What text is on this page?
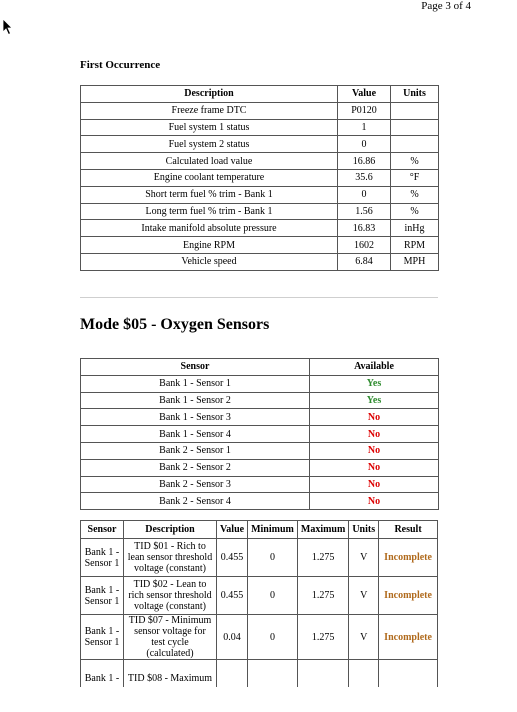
Page 3 of 4
First Occurrence
Description	Value	Units
Freeze frame DTC	P0120	
Fuel system 1 status	1	
Fuel system 2 status	0	
Calculated load value	16.86	%
Engine coolant temperature	35.6	°F
Short term fuel % trim - Bank 1	0	%
Long term fuel % trim - Bank 1	1.56	%
Intake manifold absolute pressure	16.83	inHg
Engine RPM	1602	RPM
Vehicle speed	6.84	MPH
Mode $05 - Oxygen Sensors
Sensor	Available
Bank 1 - Sensor 1	Yes
Bank 1 - Sensor 2	Yes
Bank 1 - Sensor 3	No
Bank 1 - Sensor 4	No
Bank 2 - Sensor 1	No
Bank 2 - Sensor 2	No
Bank 2 - Sensor 3	No
Bank 2 - Sensor 4	No
Sensor	Description	Value	Minimum	Maximum	Units	Result
Bank 1 - Sensor 1	TID $01 - Rich to lean sensor threshold voltage (constant)	0.455	0	1.275	V	Incomplete
Bank 1 - Sensor 1	TID $02 - Lean to rich sensor threshold voltage (constant)	0.455	0	1.275	V	Incomplete
Bank 1 - Sensor 1	TID $07 - Minimum sensor voltage for test cycle (calculated)	0.04	0	1.275	V	Incomplete
Bank 1 -	TID $08 - Maximum					
